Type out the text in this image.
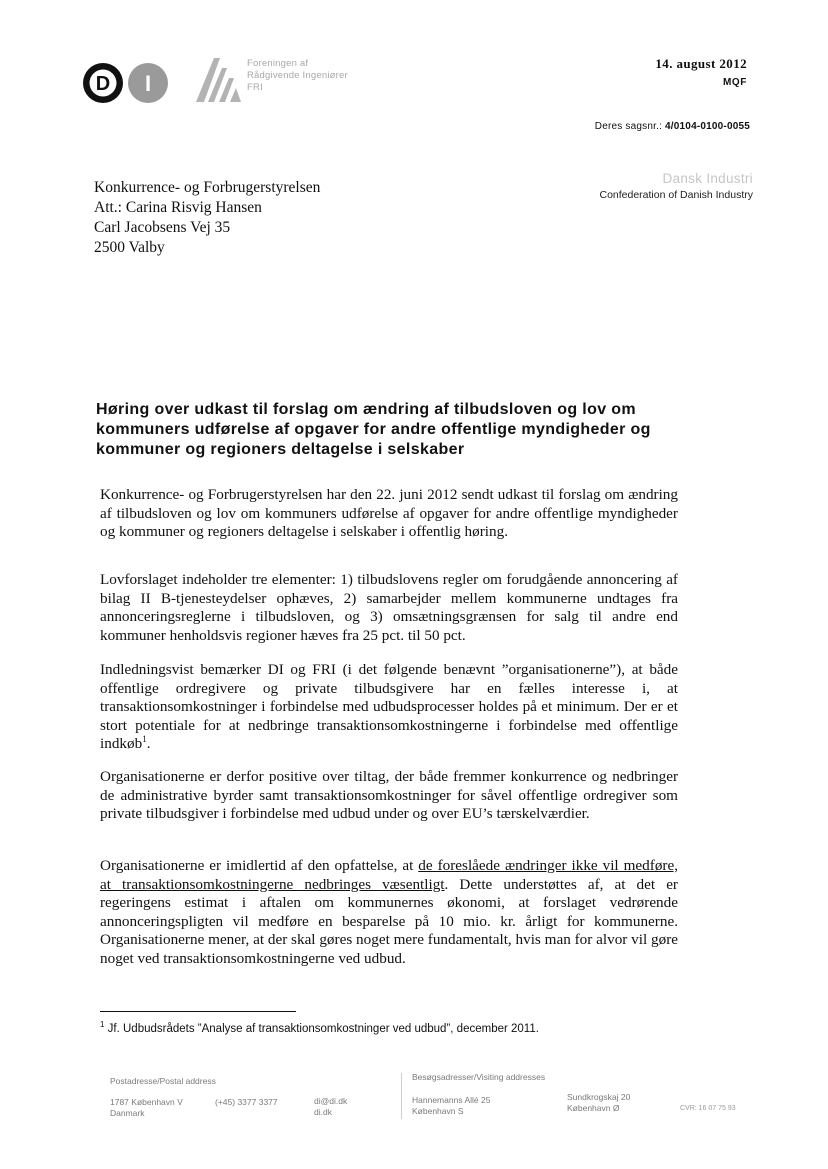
D I
Foreningen af
Rådgivende Ingeniører
FRI
14. august 2012
MQF
Deres sagsnr.: 4/0104-0100-0055
Dansk Industri
Confederation of Danish Industry
Konkurrence- og Forbrugerstyrelsen
Att.: Carina Risvig Hansen
Carl Jacobsens Vej 35
2500 Valby
Høring over udkast til forslag om ændring af tilbudsloven og lov om kommuners udførelse af opgaver for andre offentlige myndigheder og kommuner og regioners deltagelse i selskaber
Konkurrence- og Forbrugerstyrelsen har den 22. juni 2012 sendt udkast til forslag om ændring af tilbudsloven og lov om kommuners udførelse af opgaver for andre offentlige myndigheder og kommuner og regioners deltagelse i selskaber i offentlig høring.
Lovforslaget indeholder tre elementer: 1) tilbudslovens regler om forudgående annoncering af bilag II B-tjenesteydelser ophæves, 2) samarbejder mellem kommunerne undtages fra annonceringsreglerne i tilbudsloven, og 3) omsætningsgrænsen for salg til andre end kommuner henholdsvis regioner hæves fra 25 pct. til 50 pct.
Indledningsvist bemærker DI og FRI (i det følgende benævnt ”organisationerne”), at både offentlige ordregivere og private tilbudsgivere har en fælles interesse i, at transaktionsomkostninger i forbindelse med udbudsprocesser holdes på et minimum. Der er et stort potentiale for at nedbringe transaktionsomkostningerne i forbindelse med offentlige indkøb$^1$.
Organisationerne er derfor positive over tiltag, der både fremmer konkurrence og nedbringer de administrative byrder samt transaktionsomkostninger for såvel offentlige ordregiver som private tilbudsgiver i forbindelse med udbud under og over EU’s tærskelværdier.
Organisationerne er imidlertid af den opfattelse, at de foreslåede ændringer ikke vil medføre, at transaktionsomkostningerne nedbringes væsentligt. Dette understøttes af, at det er regeringens estimat i aftalen om kommunernes økonomi, at forslaget vedrørende annonceringspligten vil medføre en besparelse på 10 mio. kr. årligt for kommunerne. Organisationerne mener, at der skal gøres noget mere fundamentalt, hvis man for alvor vil gøre noget ved transaktionsomkostningerne ved udbud.
$^1$ Jf. Udbudsrådets ”Analyse af transaktionsomkostninger ved udbud”, december 2011.
Postadresse/Postal address	Besøgsadresser/Visiting addresses
1787 København V
Danmark
(+45) 3377 3377	di@di.dk
di.dk
Hannemanns Allé 25
København S
Sundkrogskaj 20
København Ø	CVR: 16 07 75 93
